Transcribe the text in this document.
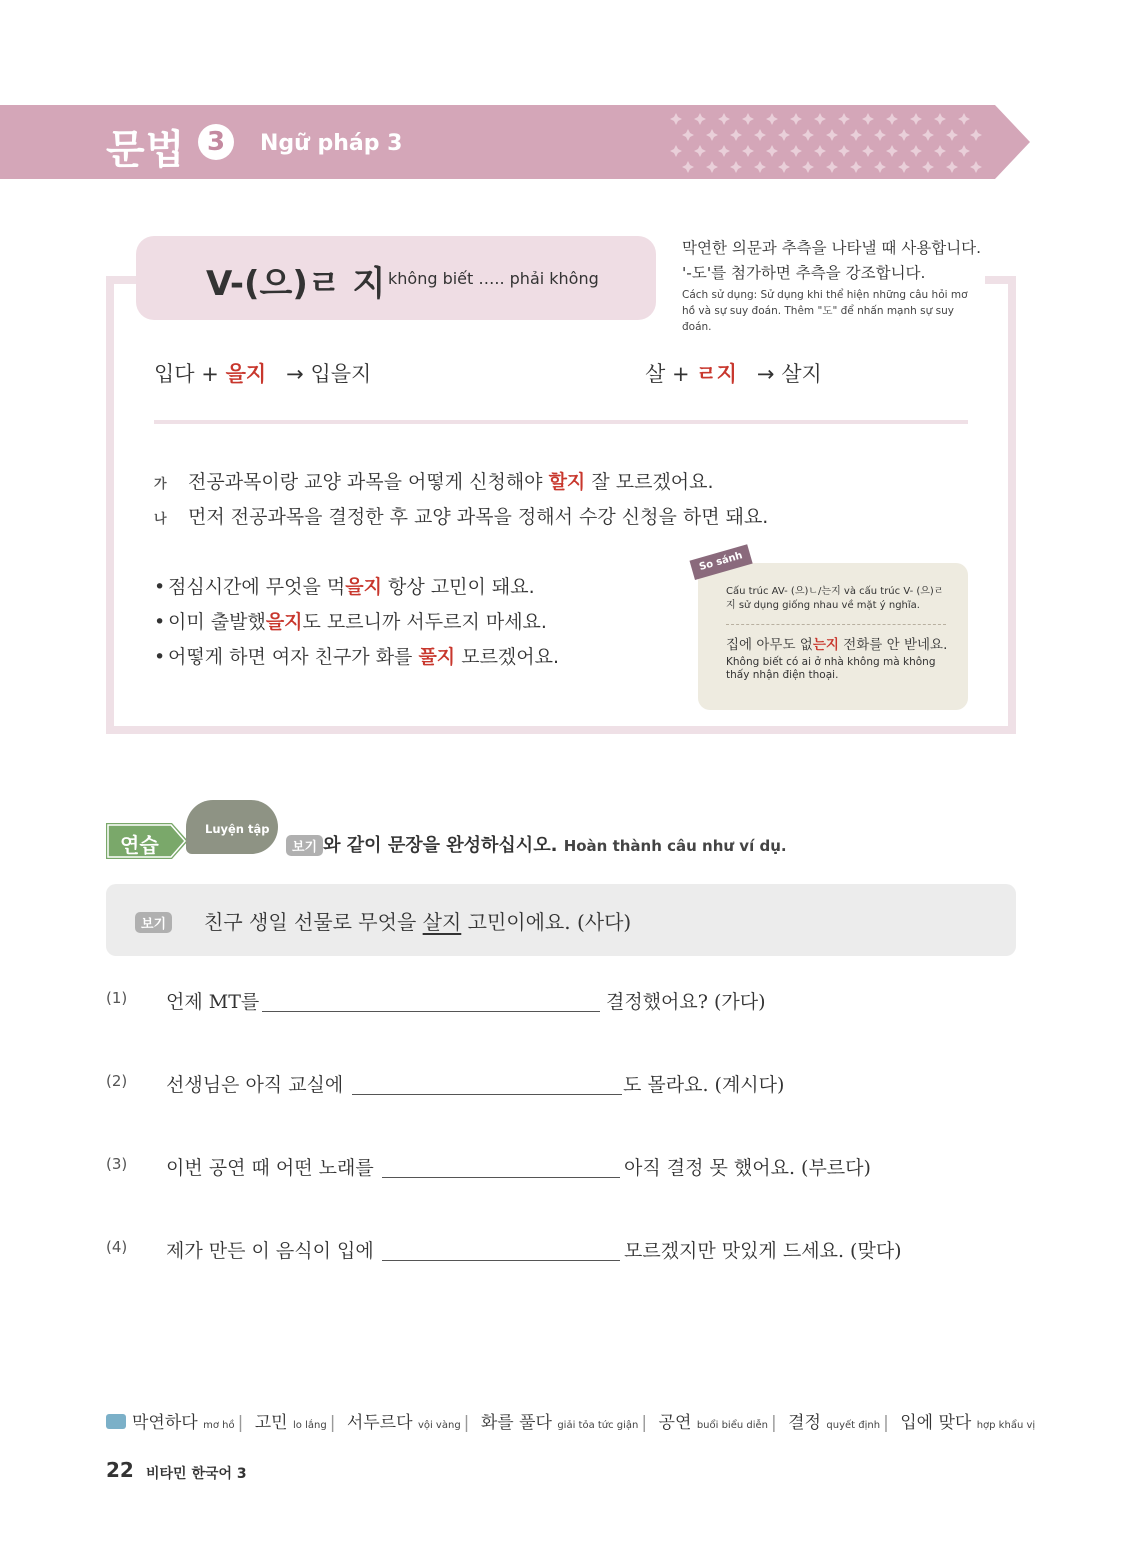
문법 3	Ngữ pháp 3
V-(으)ㄹ 지 không biết ….. phải không
막연한 의문과 추측을 나타낼 때 사용합니다. '-도'를 첨가하면 추측을 강조합니다.
Cách sử dụng: Sử dụng khi thể hiện những câu hỏi mơ hồ và sự suy đoán. Thêm "도" để nhấn mạnh sự suy đoán.
입다 + 을지 → 입을지	살 + ㄹ지 → 살지
가 전공과목이랑 교양 과목을 어떻게 신청해야 할지 잘 모르겠어요.
나 먼저 전공과목을 결정한 후 교양 과목을 정해서 수강 신청을 하면 돼요.
• 점심시간에 무엇을 먹을지 항상 고민이 돼요.
• 이미 출발했을지도 모르니까 서두르지 마세요.
• 어떻게 하면 여자 친구가 화를 풀지 모르겠어요.
So sánh
Cấu trúc AV- (으)ㄴ/는지 và cấu trúc V- (으)ㄹ지 sử dụng giống nhau về mặt ý nghĩa.
집에 아무도 없는지 전화를 안 받네요.
Không biết có ai ở nhà không mà không thấy nhận điện thoại.
연습
Luyện tập
보기 와 같이 문장을 완성하십시오. Hoàn thành câu như ví dụ.
보기	친구 생일 선물로 무엇을 살지 고민이에요. (사다)
(1) 언제 MT를	결정했어요? (가다)
(2) 선생님은 아직 교실에	도 몰라요. (계시다)
(3) 이번 공연 때 어떤 노래를	아직 결정 못 했어요. (부르다)
(4) 제가 만든 이 음식이 입에	모르겠지만 맛있게 드세요. (맞다)
막연하다 mơ hồ | 고민 lo lắng | 서두르다 vội vàng | 화를 풀다 giải tỏa tức giận | 공연 buổi biểu diễn | 결정 quyết định | 입에 맞다 hợp khẩu vị
22 비타민 한국어 3
